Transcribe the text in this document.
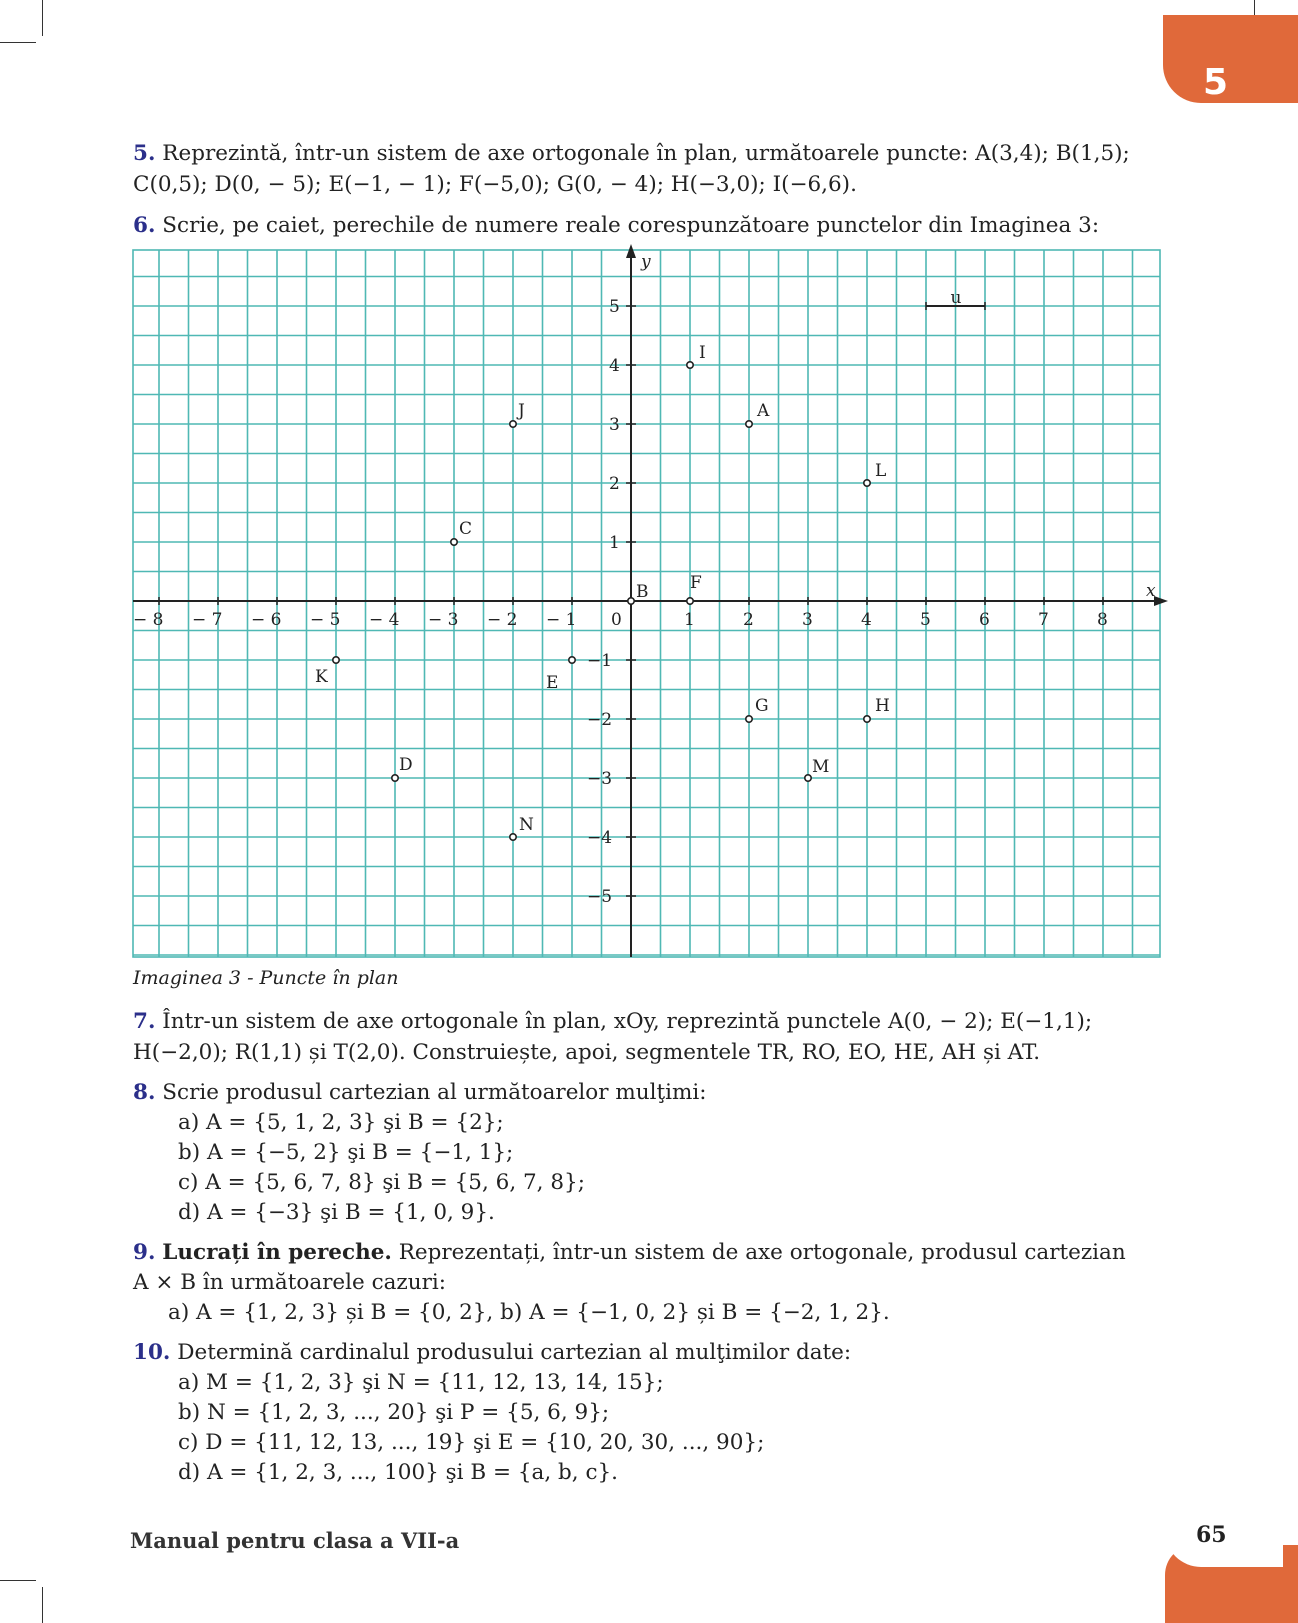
5
5. Reprezintă, într-un sistem de axe ortogonale în plan, următoarele puncte: A(3,4); B(1,5);
C(0,5); D(0, − 5); E(−1, − 1); F(−5,0); G(0, − 4); H(−3,0); I(−6,6).
6. Scrie, pe caiet, perechile de numere reale corespunzătoare punctelor din Imaginea 3:
x
y
− 8 − 7 − 6 − 5 − 4 − 3 − 2 − 1 0	1	2	3	4	5	6	7	8
5
4
3
2
1
−1
−2
−3
−4
−5
I
A
J
L
C
B F
K	E
G	H
D	M
N
u
Imaginea 3 - Puncte în plan
7. Într-un sistem de axe ortogonale în plan, xOy, reprezintă punctele A(0, − 2); E(−1,1);
H(−2,0); R(1,1) și T(2,0). Construiește, apoi, segmentele TR, RO, EO, HE, AH și AT.
8. Scrie produsul cartezian al următoarelor mulţimi:
a) A = {5, 1, 2, 3} şi B = {2};
b) A = {−5, 2} şi B = {−1, 1};
c) A = {5, 6, 7, 8} şi B = {5, 6, 7, 8};
d) A = {−3} şi B = {1, 0, 9}.
9. Lucrați în pereche. Reprezentați, într-un sistem de axe ortogonale, produsul cartezian
A × B în următoarele cazuri:
a) A = {1, 2, 3} și B = {0, 2}, b) A = {−1, 0, 2} și B = {−2, 1, 2}.
10. Determină cardinalul produsului cartezian al mulţimilor date:
a) M = {1, 2, 3} şi N = {11, 12, 13, 14, 15};
b) N = {1, 2, 3, ..., 20} şi P = {5, 6, 9};
c) D = {11, 12, 13, ..., 19} şi E = {10, 20, 30, ..., 90};
d) A = {1, 2, 3, ..., 100} şi B = {a, b, c}.
Manual pentru clasa a VII-a	65
